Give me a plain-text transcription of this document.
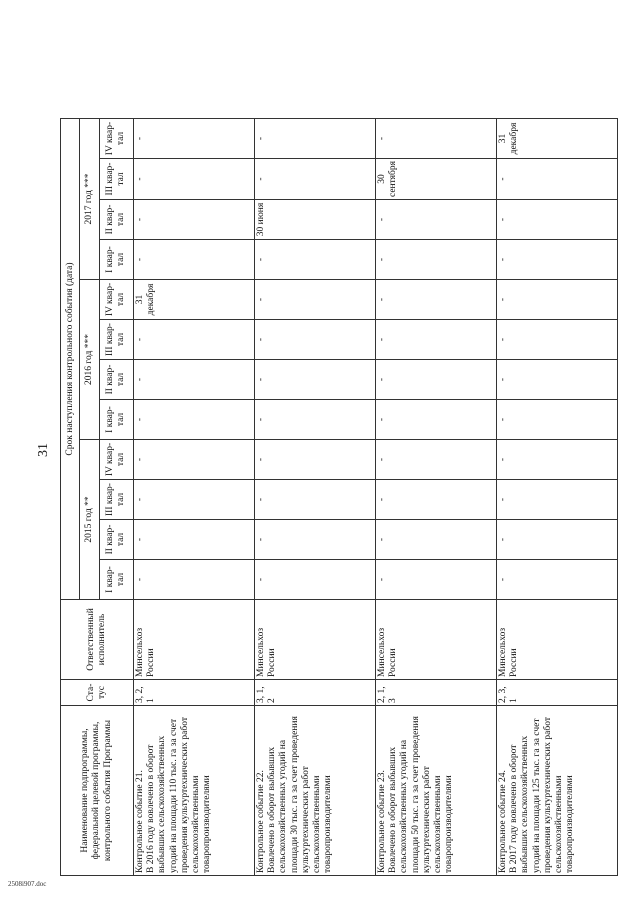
31
Наименование подпрограммы, федеральной целевой программы, контрольного события Программы	Ста-тус	Ответственный исполнитель	Срок наступления контрольного события (дата)											
			2015 год **				2016 год ***				2017 год ***			
			I квар-тал	II квар-тал	III квар-тал	IV квар-тал	I квар-тал	II квар-тал	III квар-тал	IV квар-тал	I квар-тал	II квар-тал	III квар-тал	IV квар-тал

Контрольное событие 21. В 2016 году вовлечено в оборот выбывших сельскохозяйственных угодий на площади 110 тыс. га за счет проведения культуртехнических работ сельскохозяйственными товаропроизводителями	3, 2, 1	Минсельхоз России	-	-	-	-	-	-	-	31 декабря	-	-	-	-

Контрольное событие 22. Вовлечено в оборот выбывших сельскохозяйственных угодий на площади 30 тыс. га за счет проведения культуртехнических работ сельскохозяйственными товаропроизводителями	3, 1, 2	Минсельхоз России	-	-	-	-	-	-	-	-	-	30 июня	-	-

Контрольное событие 23. Вовлечено в оборот выбывших сельскохозяйственных угодий на площади 50 тыс. га за счет проведения культуртехнических работ сельскохозяйственными товаропроизводителями	2, 1, 3	Минсельхоз России	-	-	-	-	-	-	-	-	-	-	30 сентября	-

Контрольное событие 24. В 2017 году вовлечено в оборот выбывших сельскохозяйственных угодий на площади 125 тыс. га за счет проведения культуртехнических работ сельскохозяйственными товаропроизводителями	2, 3, 1	Минсельхоз России	-	-	-	-	-	-	-	-	-	-	-	31 декабря
2508i907.doc
